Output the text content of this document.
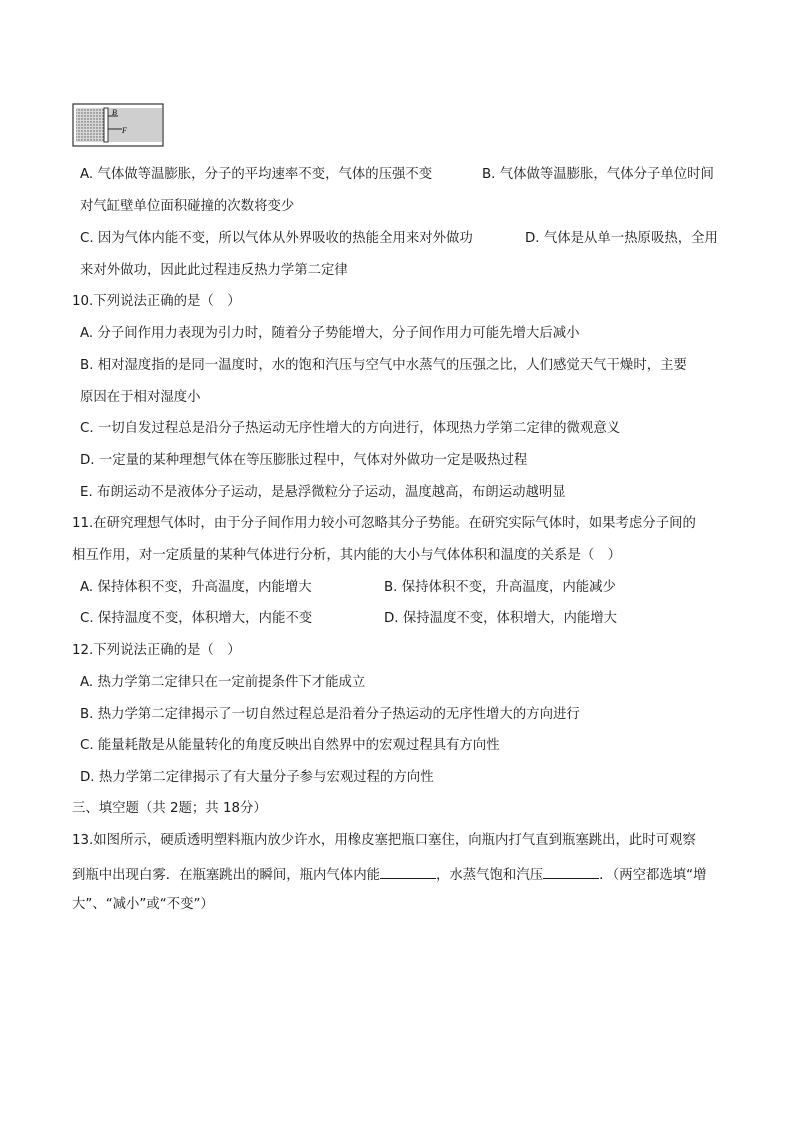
B
F
A. 气体做等温膨胀，分子的平均速率不变，气体的压强不变	B. 气体做等温膨胀，气体分子单位时间
对气缸壁单位面积碰撞的次数将变少
C. 因为气体内能不变，所以气体从外界吸收的热能全用来对外做功	D. 气体是从单一热原吸热，全用
来对外做功，因此此过程违反热力学第二定律
10.下列说法正确的是（　）
A. 分子间作用力表现为引力时，随着分子势能增大，分子间作用力可能先增大后减小
B. 相对湿度指的是同一温度时，水的饱和汽压与空气中水蒸气的压强之比，人们感觉天气干燥时，主要
原因在于相对湿度小
C. 一切自发过程总是沿分子热运动无序性增大的方向进行，体现热力学第二定律的微观意义
D. 一定量的某种理想气体在等压膨胀过程中，气体对外做功一定是吸热过程
E. 布朗运动不是液体分子运动，是悬浮微粒分子运动，温度越高，布朗运动越明显
11.在研究理想气体时，由于分子间作用力较小可忽略其分子势能。在研究实际气体时，如果考虑分子间的
相互作用，对一定质量的某种气体进行分析，其内能的大小与气体体积和温度的关系是（　）
A. 保持体积不变，升高温度，内能增大	B. 保持体积不变，升高温度，内能减少
C. 保持温度不变，体积增大，内能不变	D. 保持温度不变，体积增大，内能增大
12.下列说法正确的是（　）
A. 热力学第二定律只在一定前提条件下才能成立
B. 热力学第二定律揭示了一切自然过程总是沿着分子热运动的无序性增大的方向进行
C. 能量耗散是从能量转化的角度反映出自然界中的宏观过程具有方向性
D. 热力学第二定律揭示了有大量分子参与宏观过程的方向性
三、填空题（共 2题；共 18分）
13.如图所示，硬质透明塑料瓶内放少许水，用橡皮塞把瓶口塞住，向瓶内打气直到瓶塞跳出，此时可观察
到瓶中出现白雾．在瓶塞跳出的瞬间，瓶内气体内能	，水蒸气饱和汽压	．（两空都选填“增
大”、“减小”或“不变”）
